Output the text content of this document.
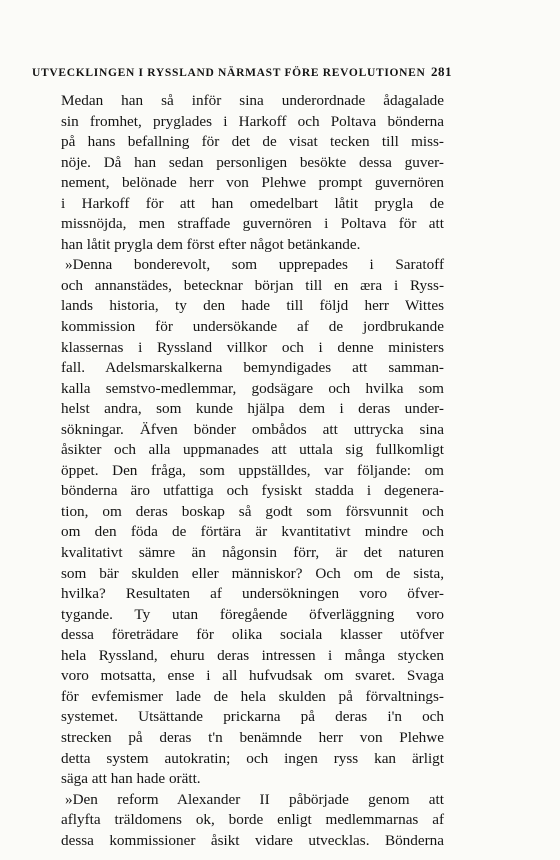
UTVECKLINGEN I RYSSLAND NÄRMAST FÖRE REVOLUTIONEN 281
Medan han så inför sina underordnade ådagalade
sin fromhet, pryglades i Harkoff och Poltava bönderna
på hans befallning för det de visat tecken till miss-
nöje. Då han sedan personligen besökte dessa guver-
nement, belönade herr von Plehwe prompt guvernören
i Harkoff för att han omedelbart låtit prygla de
missnöjda, men straffade guvernören i Poltava för att
han låtit prygla dem först efter något betänkande.
»Denna bonderevolt, som upprepades i Saratoff
och annanstädes, betecknar början till en æra i Ryss-
lands historia, ty den hade till följd herr Wittes
kommission för undersökande af de jordbrukande
klassernas i Ryssland villkor och i denne ministers
fall. Adelsmarskalkerna bemyndigades att samman-
kalla semstvo-medlemmar, godsägare och hvilka som
helst andra, som kunde hjälpa dem i deras under-
sökningar. Äfven bönder ombådos att uttrycka sina
åsikter och alla uppmanades att uttala sig fullkomligt
öppet. Den fråga, som uppställdes, var följande: om
bönderna äro utfattiga och fysiskt stadda i degenera-
tion, om deras boskap så godt som försvunnit och
om den föda de förtära är kvantitativt mindre och
kvalitativt sämre än någonsin förr, är det naturen
som bär skulden eller människor? Och om de sista,
hvilka? Resultaten af undersökningen voro öfver-
tygande. Ty utan föregående öfverläggning voro
dessa företrädare för olika sociala klasser utöfver
hela Ryssland, ehuru deras intressen i många stycken
voro motsatta, ense i all hufvudsak om svaret. Svaga
för evfemismer lade de hela skulden på förvaltnings-
systemet. Utsättande prickarna på deras i'n och
strecken på deras t'n benämnde herr von Plehwe
detta system autokratin; och ingen ryss kan ärligt
säga att han hade orätt.
»Den reform Alexander II påbörjade genom att
aflyfta träldomens ok, borde enligt medlemmarnas af
dessa kommissioner åsikt vidare utvecklas. Bönderna
